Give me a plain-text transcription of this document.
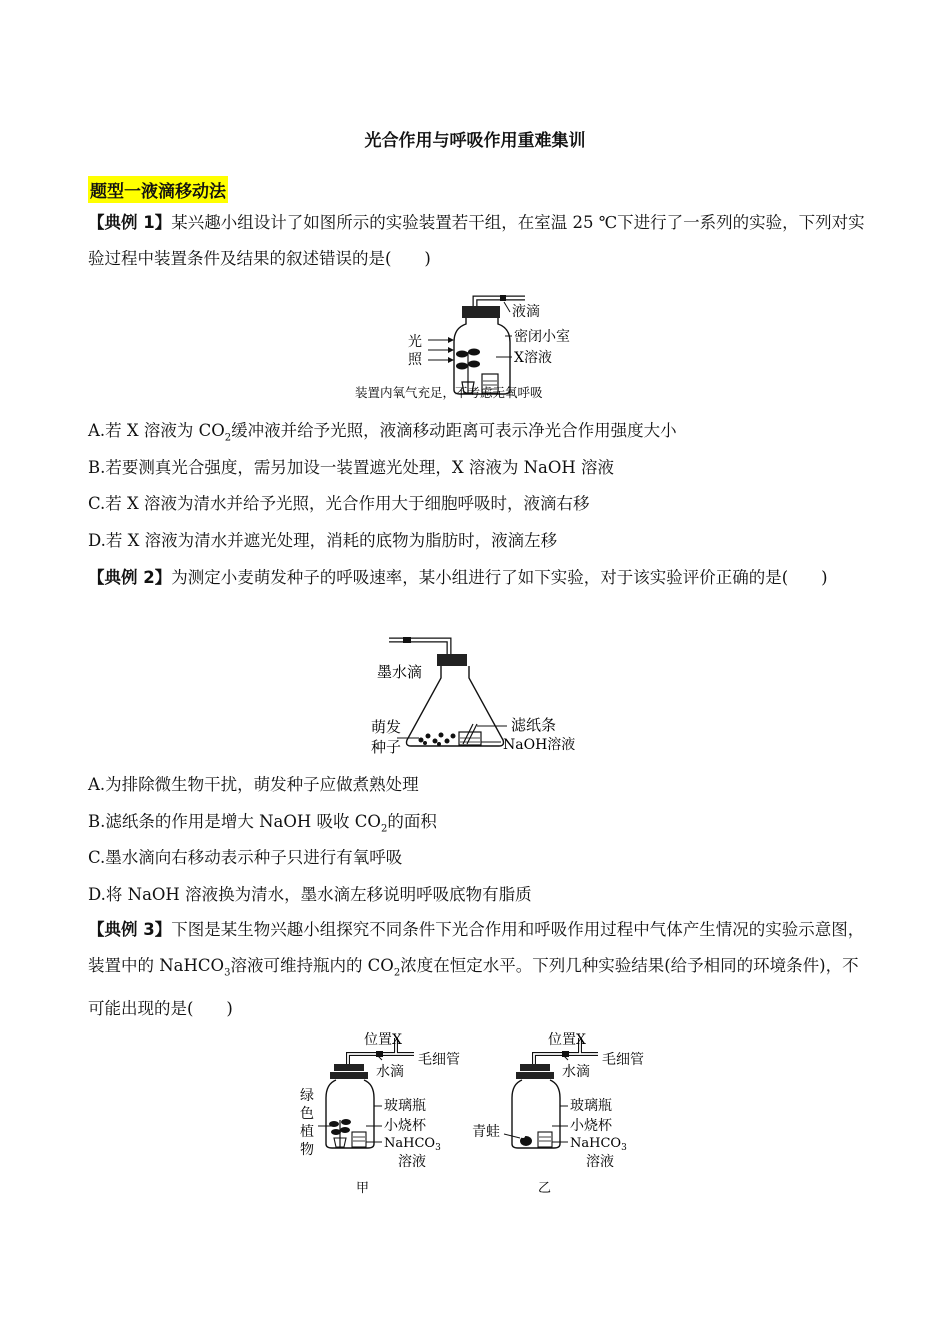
光合作用与呼吸作用重难集训
题型一液滴移动法

【典例 1】某兴趣小组设计了如图所示的实验装置若干组，在室温 25 ℃下进行了一系列的实验，下列对实验过程中装置条件及结果的叙述错误的是(　　)

液滴
密闭小室
X溶液
光
照
装置内氧气充足，不考虑无氧呼吸
A.若 X 溶液为 $CO_2$缓冲液并给予光照，液滴移动距离可表示净光合作用强度大小
B.若要测真光合强度，需另加设一装置遮光处理，X 溶液为 NaOH 溶液
C.若 X 溶液为清水并给予光照，光合作用大于细胞呼吸时，液滴右移
D.若 X 溶液为清水并遮光处理，消耗的底物为脂肪时，液滴左移

【典例 2】为测定小麦萌发种子的呼吸速率，某小组进行了如下实验，对于该实验评价正确的是(　　)

墨水滴
滤纸条
萌发
种子	NaOH溶液
A.为排除微生物干扰，萌发种子应做煮熟处理
B.滤纸条的作用是增大 NaOH 吸收 $CO_2$的面积
C.墨水滴向右移动表示种子只进行有氧呼吸
D.将 NaOH 溶液换为清水，墨水滴左移说明呼吸底物有脂质

【典例 3】下图是某生物兴趣小组探究不同条件下光合作用和呼吸作用过程中气体产生情况的实验示意图，装置中的 NaHCO$_3$溶液可维持瓶内的 $CO_2$浓度在恒定水平。下列几种实验结果(给予相同的环境条件)，不可能出现的是(　　)

位置X
毛细管
水滴
玻璃瓶
小烧杯
NaHCO$_3$
溶液
绿
色
植
物
甲
位置X
毛细管
水滴
玻璃瓶
小烧杯
NaHCO$_3$
溶液
青蛙
乙
